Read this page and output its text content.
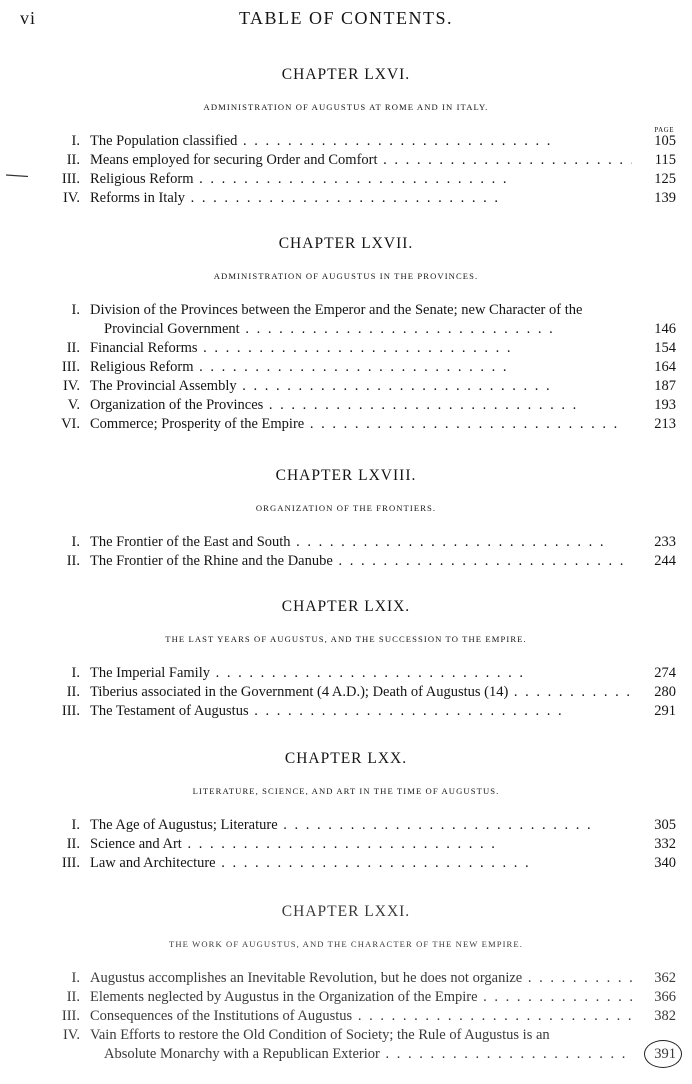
vi	TABLE OF CONTENTS.
CHAPTER LXVI.
ADMINISTRATION OF AUGUSTUS AT ROME AND IN ITALY.
PAGE
I. The Population classified . .	105
II. Means employed for securing Order and Comfort . .	115
III. Religious Reform . .	125
IV. Reforms in Italy . .	139
CHAPTER LXVII.
ADMINISTRATION OF AUGUSTUS IN THE PROVINCES.
I. Division of the Provinces between the Emperor and the Senate; new Character of the
Provincial Government . .	146
II. Financial Reforms . .	154
III. Religious Reform . .	164
IV. The Provincial Assembly . .	187
V. Organization of the Provinces . .	193
VI. Commerce; Prosperity of the Empire . .	213
CHAPTER LXVIII.
ORGANIZATION OF THE FRONTIERS.
I. The Frontier of the East and South . .	233
II. The Frontier of the Rhine and the Danube . .	244
CHAPTER LXIX.
THE LAST YEARS OF AUGUSTUS, AND THE SUCCESSION TO THE EMPIRE.
I. The Imperial Family . .	274
II. Tiberius associated in the Government (4 A.D.); Death of Augustus (14) . .	280
III. The Testament of Augustus . .	291
CHAPTER LXX.
LITERATURE, SCIENCE, AND ART IN THE TIME OF AUGUSTUS.
I. The Age of Augustus; Literature . .	305
II. Science and Art . .	332
III. Law and Architecture . .	340
CHAPTER LXXI.
THE WORK OF AUGUSTUS, AND THE CHARACTER OF THE NEW EMPIRE.
I. Augustus accomplishes an Inevitable Revolution, but he does not organize . .	362
II. Elements neglected by Augustus in the Organization of the Empire . .	366
III. Consequences of the Institutions of Augustus . .	382
IV. Vain Efforts to restore the Old Condition of Society; the Rule of Augustus is an
Absolute Monarchy with a Republican Exterior . .	391
